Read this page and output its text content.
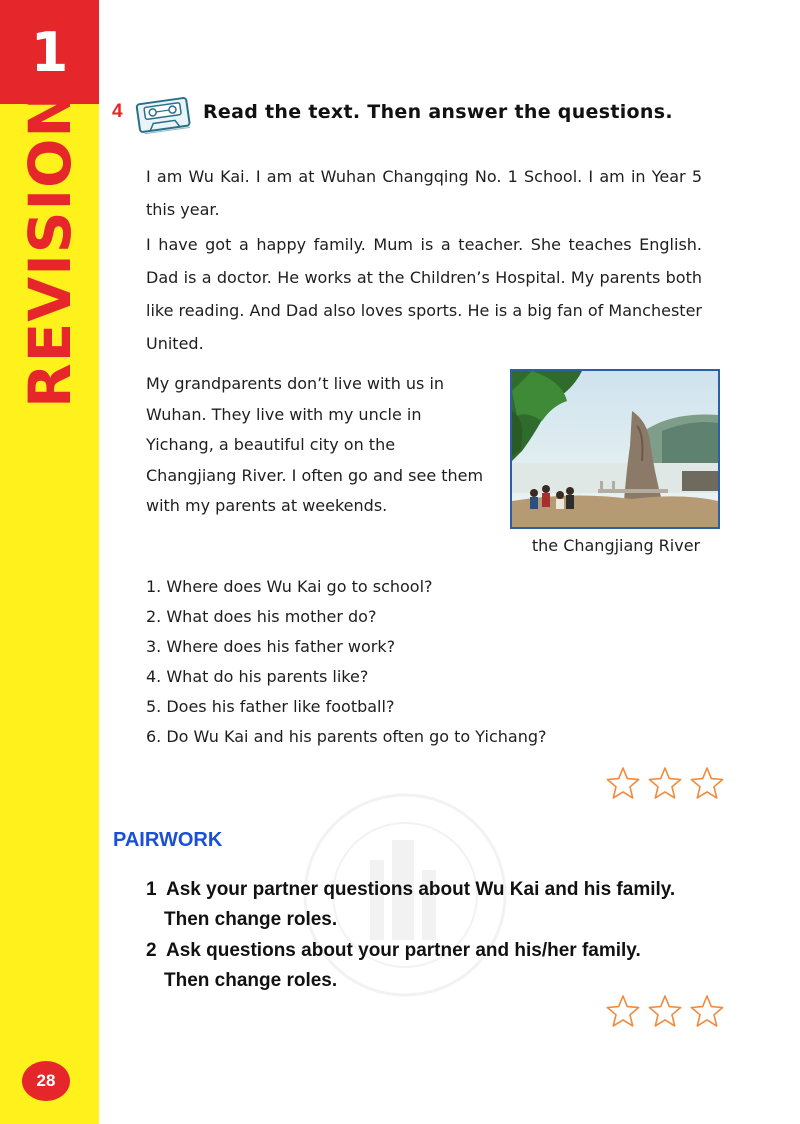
1
REVISION
28
4	Read the text. Then answer the questions.

I am Wu Kai. I am at Wuhan Changqing No. 1 School. I am in Year 5 this year.

I have got a happy family. Mum is a teacher. She teaches English. Dad is a doctor. He works at the Children’s Hospital. My parents both like reading. And Dad also loves sports. He is a big fan of Manchester United.

My grandparents don’t live with us in Wuhan. They live with my uncle in Yichang, a beautiful city on the Changjiang River. I often go and see them with my parents at weekends.

the Changjiang River
1. Where does Wu Kai go to school?
2. What does his mother do?
3. Where does his father work?
4. What do his parents like?
5. Does his father like football?
6. Do Wu Kai and his parents often go to Yichang?
PAIRWORK
1 Ask your partner questions about Wu Kai and his family.
Then change roles.
2 Ask questions about your partner and his/her family.
Then change roles.
